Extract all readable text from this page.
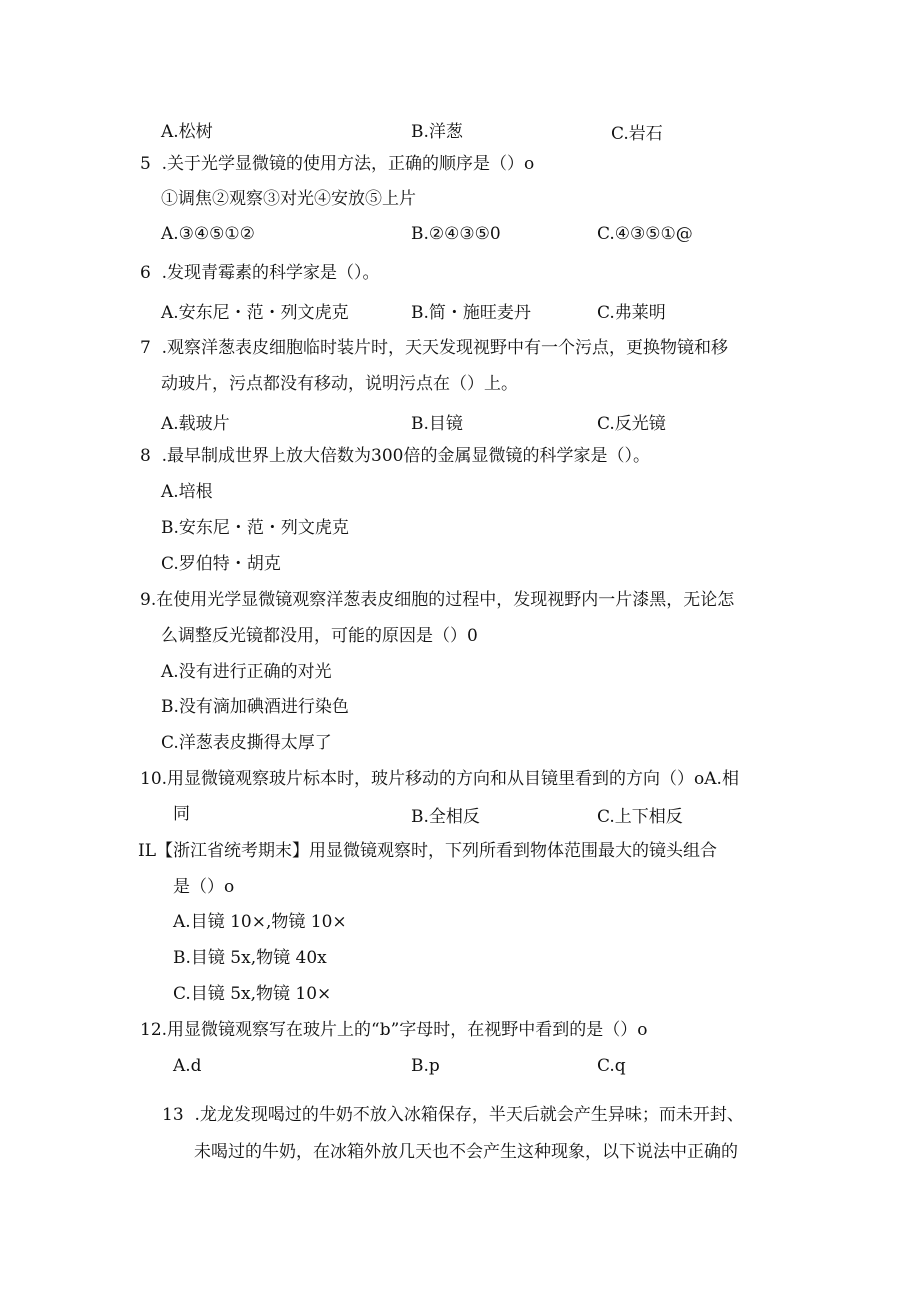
A.松树	B.洋葱	C.岩石
5  .关于光学显微镜的使用方法，正确的顺序是（）o
①调焦②观察③对光④安放⑤上片
A.③④⑤①②	B.②④③⑤0	C.④③⑤①@
6  .发现青霉素的科学家是（）。
A.安东尼・范・列文虎克	B.简・施旺麦丹	C.弗莱明
7  .观察洋葱表皮细胞临时装片时，天天发现视野中有一个污点，更换物镜和移
动玻片，污点都没有移动，说明污点在（）上。
A.载玻片	B.目镜	C.反光镜
8  .最早制成世界上放大倍数为300倍的金属显微镜的科学家是（）。
A.培根
B.安东尼・范・列文虎克
C.罗伯特・胡克
9.在使用光学显微镜观察洋葱表皮细胞的过程中，发现视野内一片漆黑，无论怎
么调整反光镜都没用，可能的原因是（）0
A.没有进行正确的对光
B.没有滴加碘酒进行染色
C.洋葱表皮撕得太厚了
10.用显微镜观察玻片标本时，玻片移动的方向和从目镜里看到的方向（）oA.相
同	B.全相反	C.上下相反
IL【浙江省统考期末】用显微镜观察时，下列所看到物体范围最大的镜头组合
是（）o
A.目镜 10×,物镜 10×
B.目镜 5x,物镜 40x
C.目镜 5x,物镜 10×
12.用显微镜观察写在玻片上的“b”字母时，在视野中看到的是（）o
A.d	B.p	C.q
13  .龙龙发现喝过的牛奶不放入冰箱保存，半天后就会产生异味；而未开封、
未喝过的牛奶，在冰箱外放几天也不会产生这种现象，以下说法中正确的
